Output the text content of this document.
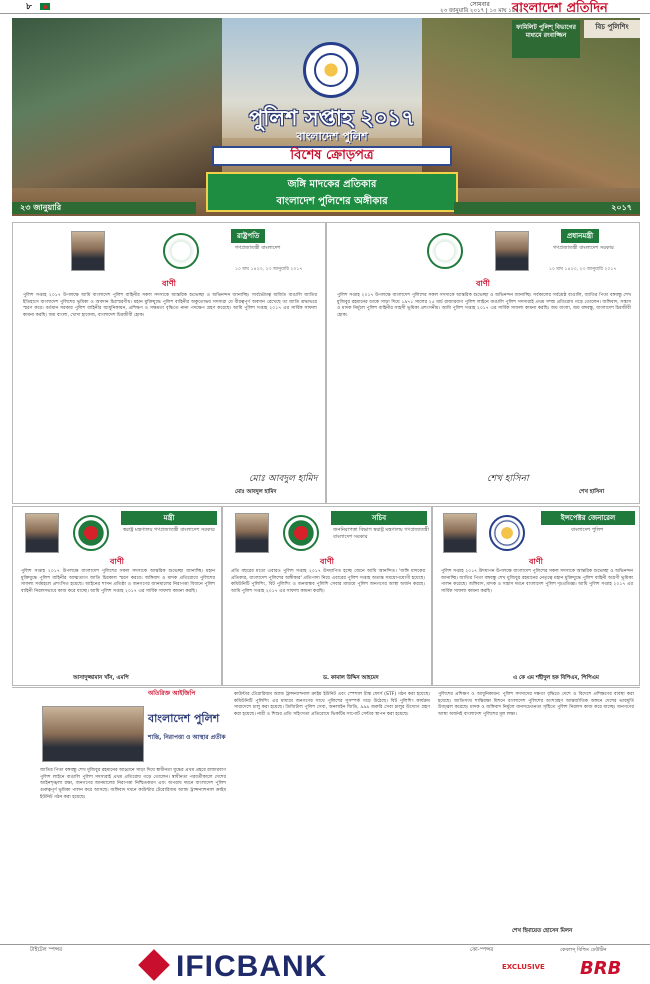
৮	সোমবার
২৩ জানুয়ারি ২০১৭ | ১০ মাঘ ১৪২৩
বাংলাদেশ প্রতিদিন
ফ্যমিলিট পুলিশ্ বিভাগের মাধ্যমে রংবাজ্জিন
বিচ পুলিশিং
পুলিশ সপ্তাহ ২০১৭
বাংলাদেশ পুলিশ
বিশেষ ক্রোড়পত্র
জঙ্গি মাদকের প্রতিকার
বাংলাদেশ পুলিশের অঙ্গীকার
২৩ জানুয়ারি	২০১৭
রাষ্ট্রপতি
গণপ্রজাতন্ত্রী বাংলাদেশ
১০ মাঘ ১৪২৩, ২৩ জানুয়ারি ২০১৭
বাণী
পুলিশ সপ্তাহ ২০১৭ উপলক্ষে আমি বাংলাদেশ পুলিশ বাহিনীর সকল সদস্যকে আন্তরিক শুভেচ্ছা ও অভিনন্দন জানাচ্ছি। সার্বভৌমত্ব অর্জিত বাঙালি জাতির ইতিহাসে বাংলাদেশ পুলিশের ভূমিকা ও অবদান চিরস্মরণীয়। মহান মুক্তিযুদ্ধে পুলিশ বাহিনীর অকুতোভয় সদস্যরা যে বীরত্বপূর্ণ অবদান রেখেছে তা জাতি শ্রদ্ধাভরে স্মরণ করে। বর্তমান সরকার পুলিশ বাহিনীর আধুনিকায়ন, প্রশিক্ষণ ও সক্ষমতা বৃদ্ধিতে নানা পদক্ষেপ গ্রহণ করেছে। আমি পুলিশ সপ্তাহ ২০১৭ এর সার্বিক সাফল্য কামনা করছি। জয় বাংলা, খোদা হাফেজ, বাংলাদেশ চিরজীবী হোক।
মোঃ আবদুল হামিদ
মোঃ আবদুল হামিদ
প্রধানমন্ত্রী
গণপ্রজাতন্ত্রী বাংলাদেশ সরকার
১০ মাঘ ১৪২৩, ২৩ জানুয়ারি ২০১৭
বাণী
পুলিশ সপ্তাহ ২০১৭ উপলক্ষে বাংলাদেশ পুলিশের সকল সদস্যকে আন্তরিক শুভেচ্ছা ও অভিনন্দন জানাচ্ছি। সর্বকালের সর্বশ্রেষ্ঠ বাঙালি, জাতির পিতা বঙ্গবন্ধু শেখ মুজিবুর রহমানের ডাকে সাড়া দিয়ে ১৯৭১ সালের ২৫ মার্চ রাজারবাগ পুলিশ লাইনে বাঙালি পুলিশ সদস্যরাই প্রথম সশস্ত্র প্রতিরোধ গড়ে তোলেন। জঙ্গিবাদ, সন্ত্রাস ও মাদক নির্মূলে পুলিশ বাহিনীর সাহসী ভূমিকা প্রশংসনীয়। আমি পুলিশ সপ্তাহ ২০১৭ এর সার্বিক সাফল্য কামনা করছি। জয় বাংলা, জয় বঙ্গবন্ধু, বাংলাদেশ চিরজীবী হোক।
শেখ হাসিনা
শেখ হাসিনা
মন্ত্রী
স্বরাষ্ট্র মন্ত্রণালয় গণপ্রজাতন্ত্রী বাংলাদেশ সরকার
বাণী
পুলিশ সপ্তাহ ২০১৭ উপলক্ষে বাংলাদেশ পুলিশের সকল সদস্যকে আন্তরিক শুভেচ্ছা জানাচ্ছি। মহান মুক্তিযুদ্ধে পুলিশ বাহিনীর আত্মত্যাগ জাতি চিরকাল স্মরণ করবে। জঙ্গিবাদ ও মাদক প্রতিরোধে পুলিশের সাফল্য সর্বমহলে প্রশংসিত হয়েছে। আইনের শাসন প্রতিষ্ঠা ও জনগণের জানমালের নিরাপত্তা বিধানে পুলিশ বাহিনী নিরলসভাবে কাজ করে যাচ্ছে। আমি পুলিশ সপ্তাহ ২০১৭ এর সার্বিক সাফল্য কামনা করছি।
আসাদুজ্জামান খাঁন, এমপি
সচিব
জননিরাপত্তা বিভাগ স্বরাষ্ট্র মন্ত্রণালয় গণপ্রজাতন্ত্রী বাংলাদেশ সরকার
বাণী
প্রতি বছরের মতো এবারও পুলিশ সপ্তাহ ২০১৭ উদযাপিত হচ্ছে জেনে আমি আনন্দিত। 'জঙ্গি মাদকের প্রতিকার, বাংলাদেশ পুলিশের অঙ্গীকার' প্রতিপাদ্য নিয়ে এবারের পুলিশ সপ্তাহ অত্যন্ত সময়োপযোগী হয়েছে। কমিউনিটি পুলিশিং, বিট পুলিশিং ও জনবান্ধব পুলিশি সেবার মাধ্যমে পুলিশ জনগণের আস্থা অর্জন করছে। আমি পুলিশ সপ্তাহ ২০১৭ এর সাফল্য কামনা করছি।
ড. কামাল উদ্দিন আহমেদ
ইন্সপেক্টর জেনারেল
বাংলাদেশ পুলিশ
বাণী
পুলিশ সপ্তাহ ২০১৭ উদযাপন উপলক্ষে বাংলাদেশ পুলিশের সকল সদস্যকে আন্তরিক শুভেচ্ছা ও অভিনন্দন জানাচ্ছি। জাতির পিতা বঙ্গবন্ধু শেখ মুজিবুর রহমানের নেতৃত্বে মহান মুক্তিযুদ্ধে পুলিশ বাহিনী অগ্রণী ভূমিকা পালন করেছে। জঙ্গিবাদ, মাদক ও সন্ত্রাস দমনে বাংলাদেশ পুলিশ দৃঢ়প্রতিজ্ঞ। আমি পুলিশ সপ্তাহ ২০১৭ এর সার্বিক সাফল্য কামনা করছি।
এ কে এম শহীদুল হক বিপিএম, পিপিএম
অতিরিক্ত আইজিপি
বাংলাদেশ পুলিশ
শান্তি, নিরাপত্তা ও আস্থার প্রতীক
জাতির পিতা বঙ্গবন্ধু শেখ মুজিবুর রহমানের আহ্বানে সাড়া দিয়ে স্বাধীনতা যুদ্ধের প্রথম প্রহরে রাজারবাগ পুলিশ লাইনে বাঙালি পুলিশ সদস্যরাই প্রথম প্রতিরোধ গড়ে তোলেন। স্বাধীনতা পরবর্তীকালে দেশের আইনশৃঙ্খলা রক্ষা, জনগণের জানমালের নিরাপত্তা নিশ্চিতকরণ এবং অপরাধ দমনে বাংলাদেশ পুলিশ গুরুত্বপূর্ণ ভূমিকা পালন করে আসছে। জঙ্গিবাদ দমনে কাউন্টার টেরোরিজম অ্যান্ড ট্রান্সন্যাশনাল ক্রাইম ইউনিট গঠন করা হয়েছে।
কাউন্টার টেরোরিজম অ্যান্ড ট্রান্সন্যাশনাল ক্রাইম ইউনিট এবং স্পেশাল টাস্ক ফোর্স (STF) গঠন করা হয়েছে। কমিউনিটি পুলিশিং এর মাধ্যমে জনগণের সাথে পুলিশের সুসম্পর্ক গড়ে উঠেছে। বিট পুলিশিং কার্যক্রম সারাদেশে চালু করা হয়েছে। ডিজিটাল পুলিশ সেবা, অনলাইন জিডি, ৯৯৯ জরুরি সেবা চালুর উদ্যোগ গ্রহণ করা হয়েছে। নারী ও শিশুর প্রতি সহিংসতা প্রতিরোধে ভিকটিম সাপোর্ট সেন্টার স্থাপন করা হয়েছে।
পুলিশের প্রশিক্ষণ ও আধুনিকায়ন: পুলিশ সদস্যদের দক্ষতা বৃদ্ধিতে দেশে ও বিদেশে প্রশিক্ষণের ব্যবস্থা করা হয়েছে। জাতিসংঘ শান্তিরক্ষা মিশনে বাংলাদেশ পুলিশের অংশগ্রহণ আন্তর্জাতিক অঙ্গনে দেশের ভাবমূর্তি উজ্জ্বল করেছে। মাদক ও জঙ্গিবাদ নির্মূলে জনসচেতনতা সৃষ্টিতে পুলিশ নিরলস কাজ করে যাচ্ছে। জনগণের আস্থা অর্জনই বাংলাদেশ পুলিশের মূল লক্ষ্য।
শেখ হিমায়েত হোসেন মিলন
টাইটেল স্পন্সর	কো-স্পন্সর
IFICBANK	EXCLUSIVE
কেবলস্ বিল্ডিং ঢেউটিন
BRB
